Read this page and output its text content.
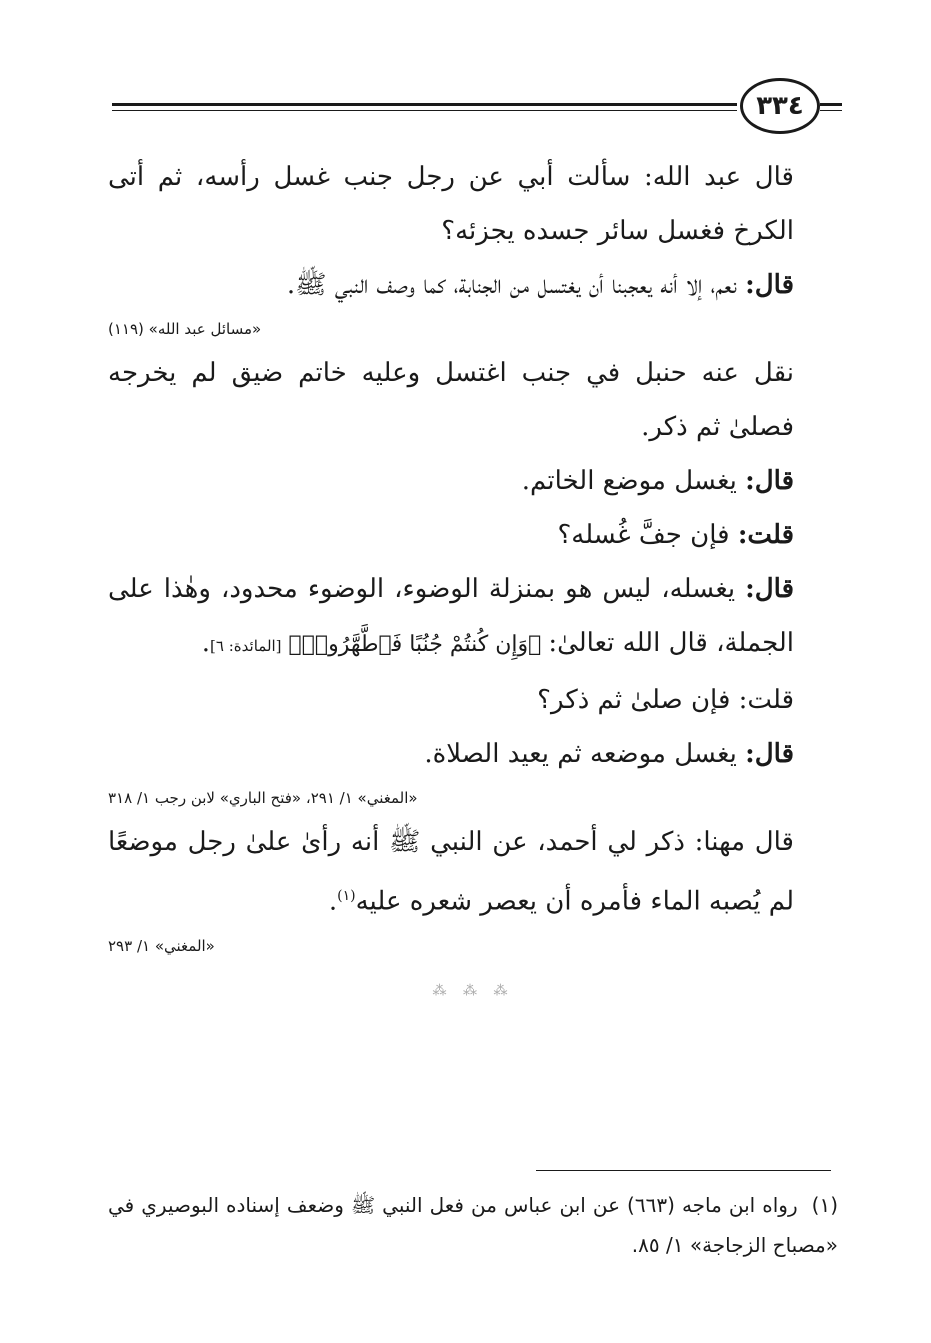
٣٣٤

قال عبد الله: سألت أبي عن رجل جنب غسل رأسه، ثم أتى الكرخ فغسل سائر جسده يجزئه؟

قال: نعم، إلا أنه يعجبنا أن يغتسل من الجنابة، كما وصف النبي ﷺ.

«مسائل عبد الله» (١١٩)

نقل عنه حنبل في جنب اغتسل وعليه خاتم ضيق لم يخرجه فصلىٰ ثم ذكر.

قال: يغسل موضع الخاتم.

قلت: فإن جفَّ غُسله؟

قال: يغسله، ليس هو بمنزلة الوضوء، الوضوء محدود، وهٰذا على الجملة، قال الله تعالىٰ: ﴿وَإِن كُنتُمْ جُنُبًا فَٱطَّهَّرُوا۟﴾ [المائدة: ٦].

قلت: فإن صلىٰ ثم ذكر؟

قال: يغسل موضعه ثم يعيد الصلاة.

«المغني» ١/ ٢٩١، «فتح الباري» لابن رجب ١/ ٣١٨

قال مهنا: ذكر لي أحمد، عن النبي ﷺ أنه رأىٰ علىٰ رجل موضعًا لم يُصبه الماء فأمره أن يعصر شعره عليه$^{(١)}$.

«المغني» ١/ ٢٩٣

⁂ ⁂ ⁂
(١)رواه ابن ماجه (٦٦٣) عن ابن عباس من فعل النبي ﷺ وضعف إسناده البوصيري في «مصباح الزجاجة» ١/ ٨٥.
